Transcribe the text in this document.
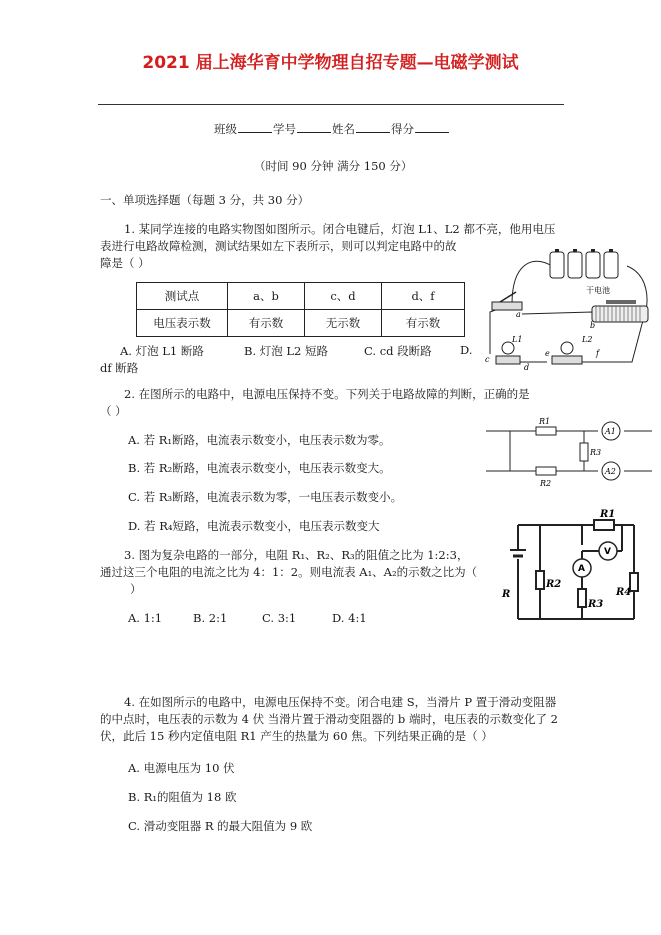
2021 届上海华育中学物理自招专题—电磁学测试
班级	学号	姓名	得分
（时间 90 分钟 满分 150 分）
一、单项选择题（每题 3 分，共 30 分）
1. 某同学连接的电路实物图如图所示。闭合电键后，灯泡 L1、L2 都不亮，他用电压
表进行电路故障检测，测试结果如左下表所示，则可以判定电路中的故
障是（ ）
测试点	a、b	c、d	d、f
电压表示数	有示数	无示数	有示数
A. 灯泡 L1 断路	B. 灯泡 L2 短路	C. cd 段断路 D.
df 断路
干电池
a
b
c
d
e	f
L1	L2
2. 在图所示的电路中，电源电压保持不变。下列关于电路故障的判断，正确的是
（ ）
A. 若 R₁断路，电流表示数变小，电压表示数为零。
B. 若 R₂断路，电流表示数变小，电压表示数变大。
C. 若 R₃断路，电流表示数为零，一电压表示数变小。
D. 若 R₄短路，电流表示数变小，电压表示数变大
R1
R2
R3
A1
A2
3. 图为复杂电路的一部分，电阻 R₁、R₂、R₃的阻值之比为 1:2:3，
通过这三个电阻的电流之比为 4：1：2。则电流表 A₁、A₂的示数之比为（
）
A. 1:1	B. 2:1	C. 3:1	D. 4:1
R
R1
R2
R3
R4
A
V
4. 在如图所示的电路中，电源电压保持不变。闭合电建 S，当滑片 P 置于滑动变阻器
的中点时，电压表的示数为 4 伏 当滑片置于滑动变阻器的 b 端时，电压表的示数变化了 2
伏，此后 15 秒内定值电阻 R1 产生的热量为 60 焦。下列结果正确的是（ ）
A. 电源电压为 10 伏
B. R₁的阻值为 18 欧
C. 滑动变阻器 R 的最大阻值为 9 欧
